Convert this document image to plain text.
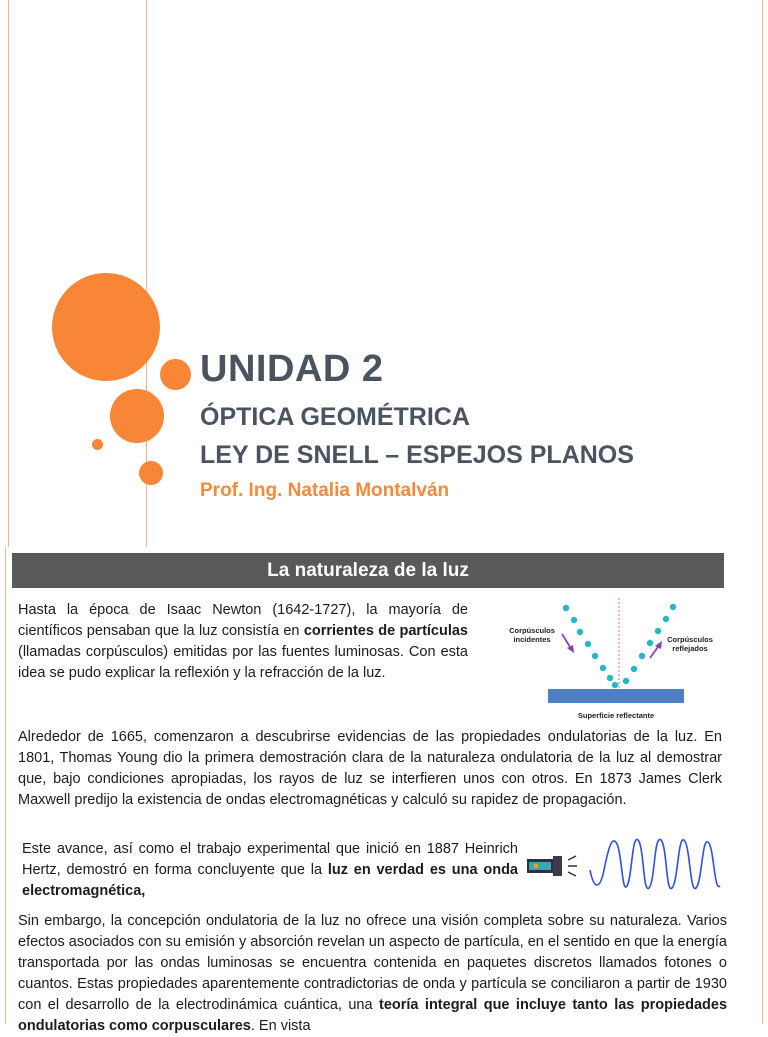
UNIDAD 2
ÓPTICA GEOMÉTRICA
LEY DE SNELL – ESPEJOS PLANOS

Prof. Ing. Natalia Montalván

La naturaleza de la luz

Hasta la época de Isaac Newton (1642-1727), la mayoría de científicos pensaban que la luz consistía en corrientes de partículas (llamadas corpúsculos) emitidas por las fuentes luminosas. Con esta idea se pudo explicar la reflexión y la refracción de la luz.

Corpúsculos
incidentes	Corpúsculos
reflejados
Superficie reflectante

Alrededor de 1665, comenzaron a descubrirse evidencias de las propiedades ondulatorias de la luz. En 1801, Thomas Young dio la primera demostración clara de la naturaleza ondulatoria de la luz al demostrar que, bajo condiciones apropiadas, los rayos de luz se interfieren unos con otros. En 1873 James Clerk Maxwell predijo la existencia de ondas electromagnéticas y calculó su rapidez de propagación.

Este avance, así como el trabajo experimental que inició en 1887 Heinrich Hertz, demostró en forma concluyente que la luz en verdad es una onda electromagnética,

Sin embargo, la concepción ondulatoria de la luz no ofrece una visión completa sobre su naturaleza. Varios efectos asociados con su emisión y absorción revelan un aspecto de partícula, en el sentido en que la energía transportada por las ondas luminosas se encuentra contenida en paquetes discretos llamados fotones o cuantos. Estas propiedades aparentemente contradictorias de onda y partícula se conciliaron a partir de 1930 con el desarrollo de la electrodinámica cuántica, una teoría integral que incluye tanto las propiedades ondulatorias como corpusculares. En vista
